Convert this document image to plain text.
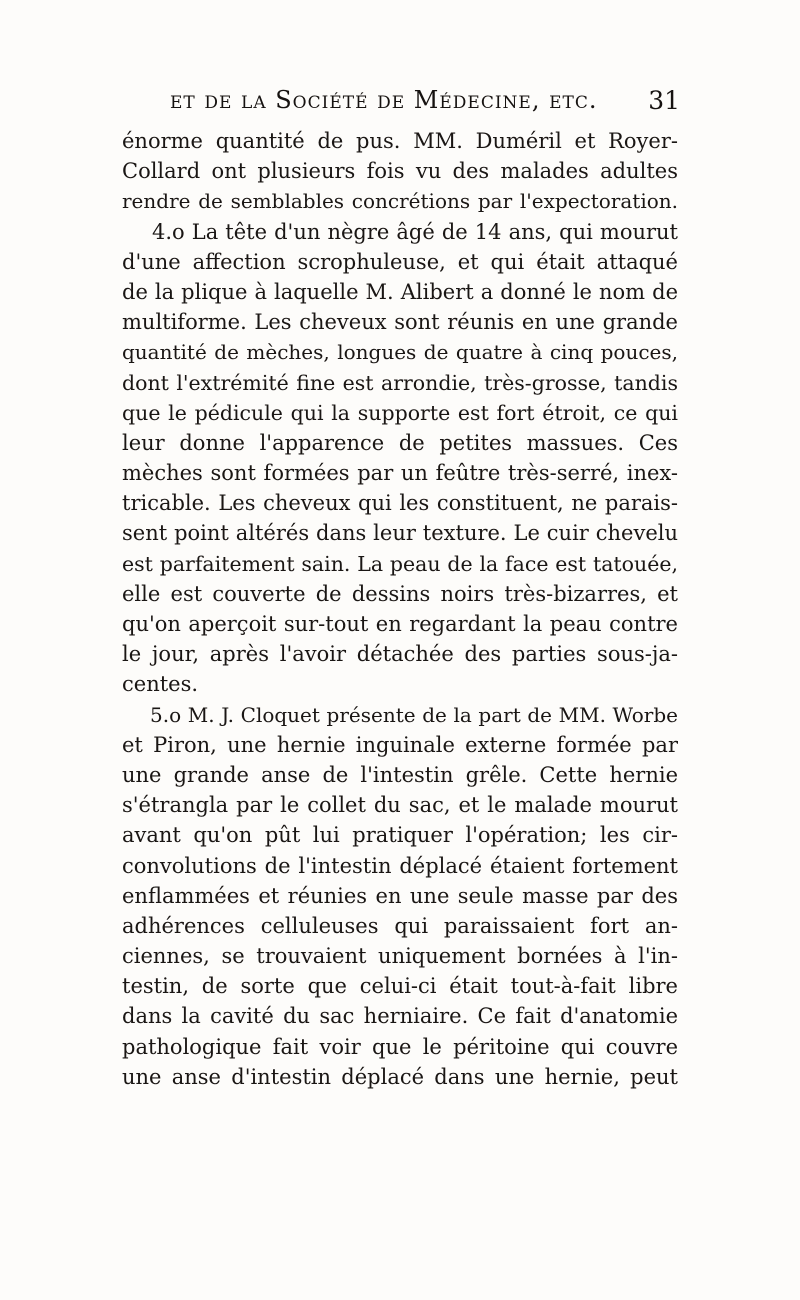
et de la Société de Médecine, etc. 31
énorme quantité de pus. MM. Duméril et Royer-
Collard ont plusieurs fois vu des malades adultes
rendre de semblables concrétions par l'expectoration.
4.o La tête d'un nègre âgé de 14 ans, qui mourut
d'une affection scrophuleuse, et qui était attaqué
de la plique à laquelle M. Alibert a donné le nom de
multiforme. Les cheveux sont réunis en une grande
quantité de mèches, longues de quatre à cinq pouces,
dont l'extrémité fine est arrondie, très-grosse, tandis
que le pédicule qui la supporte est fort étroit, ce qui
leur donne l'apparence de petites massues. Ces
mèches sont formées par un feûtre très-serré, inex-
tricable. Les cheveux qui les constituent, ne parais-
sent point altérés dans leur texture. Le cuir chevelu
est parfaitement sain. La peau de la face est tatouée,
elle est couverte de dessins noirs très-bizarres, et
qu'on aperçoit sur-tout en regardant la peau contre
le jour, après l'avoir détachée des parties sous-ja-
centes.
5.o M. J. Cloquet présente de la part de MM. Worbe
et Piron, une hernie inguinale externe formée par
une grande anse de l'intestin grêle. Cette hernie
s'étrangla par le collet du sac, et le malade mourut
avant qu'on pût lui pratiquer l'opération; les cir-
convolutions de l'intestin déplacé étaient fortement
enflammées et réunies en une seule masse par des
adhérences celluleuses qui paraissaient fort an-
ciennes, se trouvaient uniquement bornées à l'in-
testin, de sorte que celui-ci était tout-à-fait libre
dans la cavité du sac herniaire. Ce fait d'anatomie
pathologique fait voir que le péritoine qui couvre
une anse d'intestin déplacé dans une hernie, peut
